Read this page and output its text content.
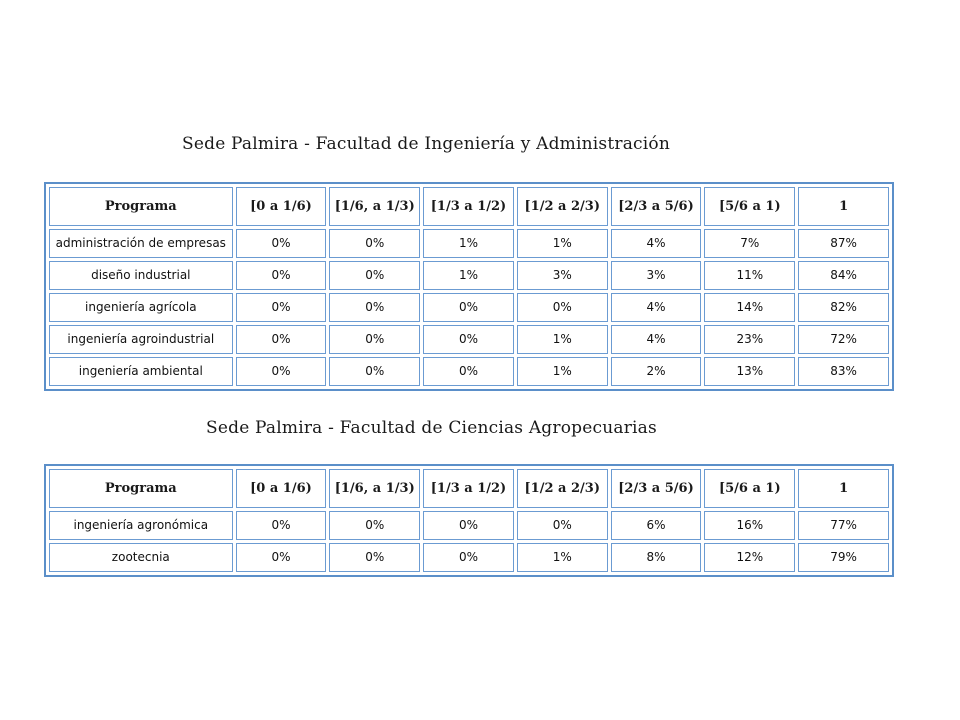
Sede Palmira - Facultad de Ingeniería y Administración
Programa	[0 a 1/6)	[1/6, a 1/3)	[1/3 a 1/2)	[1/2 a 2/3)	[2/3 a 5/6)	[5/6 a 1)	1
administración de empresas	0%	0%	1%	1%	4%	7%	87%
diseño industrial	0%	0%	1%	3%	3%	11%	84%
ingeniería agrícola	0%	0%	0%	0%	4%	14%	82%
ingeniería agroindustrial	0%	0%	0%	1%	4%	23%	72%
ingeniería ambiental	0%	0%	0%	1%	2%	13%	83%
Sede Palmira - Facultad de Ciencias Agropecuarias
Programa	[0 a 1/6)	[1/6, a 1/3)	[1/3 a 1/2)	[1/2 a 2/3)	[2/3 a 5/6)	[5/6 a 1)	1
ingeniería agronómica	0%	0%	0%	0%	6%	16%	77%
zootecnia	0%	0%	0%	1%	8%	12%	79%
